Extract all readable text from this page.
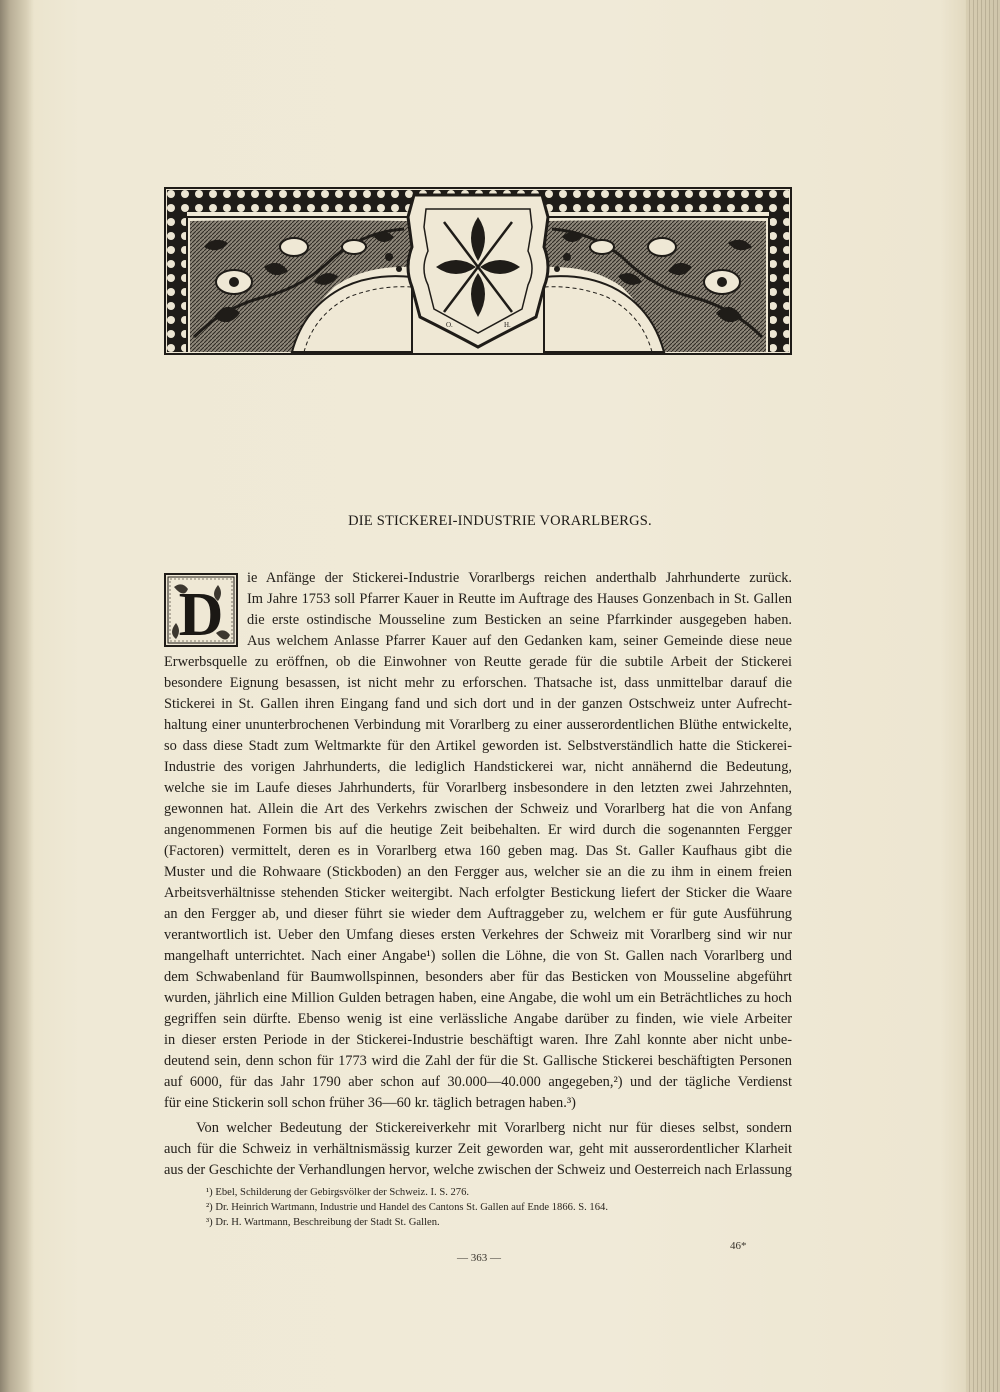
O.	H.
DIE STICKEREI-INDUSTRIE VORARLBERGS.
D
ie Anfänge der Stickerei-Industrie Vorarlbergs reichen anderthalb Jahrhunderte zurück.
Im Jahre 1753 soll Pfarrer Kauer in Reutte im Auftrage des Hauses Gonzenbach in St. Gallen
die erste ostindische Mousseline zum Besticken an seine Pfarrkinder ausgegeben haben.
Aus welchem Anlasse Pfarrer Kauer auf den Gedanken kam, seiner Gemeinde diese neue
Erwerbsquelle zu eröffnen, ob die Einwohner von Reutte gerade für die subtile Arbeit der Stickerei
besondere Eignung besassen, ist nicht mehr zu erforschen. Thatsache ist, dass unmittelbar darauf die
Stickerei in St. Gallen ihren Eingang fand und sich dort und in der ganzen Ostschweiz unter Aufrecht-
haltung einer ununterbrochenen Verbindung mit Vorarlberg zu einer ausserordentlichen Blüthe entwickelte,
so dass diese Stadt zum Weltmarkte für den Artikel geworden ist. Selbstverständlich hatte die Stickerei-
Industrie des vorigen Jahrhunderts, die lediglich Handstickerei war, nicht annähernd die Bedeutung,
welche sie im Laufe dieses Jahrhunderts, für Vorarlberg insbesondere in den letzten zwei Jahrzehnten,
gewonnen hat. Allein die Art des Verkehrs zwischen der Schweiz und Vorarlberg hat die von Anfang
angenommenen Formen bis auf die heutige Zeit beibehalten. Er wird durch die sogenannten Fergger
(Factoren) vermittelt, deren es in Vorarlberg etwa 160 geben mag. Das St. Galler Kaufhaus gibt die
Muster und die Rohwaare (Stickboden) an den Fergger aus, welcher sie an die zu ihm in einem freien
Arbeitsverhältnisse stehenden Sticker weitergibt. Nach erfolgter Bestickung liefert der Sticker die Waare
an den Fergger ab, und dieser führt sie wieder dem Auftraggeber zu, welchem er für gute Ausführung
verantwortlich ist. Ueber den Umfang dieses ersten Verkehres der Schweiz mit Vorarlberg sind wir nur
mangelhaft unterrichtet. Nach einer Angabe¹) sollen die Löhne, die von St. Gallen nach Vorarlberg und
dem Schwabenland für Baumwollspinnen, besonders aber für das Besticken von Mousseline abgeführt
wurden, jährlich eine Million Gulden betragen haben, eine Angabe, die wohl um ein Beträchtliches zu hoch
gegriffen sein dürfte. Ebenso wenig ist eine verlässliche Angabe darüber zu finden, wie viele Arbeiter
in dieser ersten Periode in der Stickerei-Industrie beschäftigt waren. Ihre Zahl konnte aber nicht unbe-
deutend sein, denn schon für 1773 wird die Zahl der für die St. Gallische Stickerei beschäftigten Personen
auf 6000, für das Jahr 1790 aber schon auf 30.000—40.000 angegeben,²) und der tägliche Verdienst
für eine Stickerin soll schon früher 36—60 kr. täglich betragen haben.³)
Von welcher Bedeutung der Stickereiverkehr mit Vorarlberg nicht nur für dieses selbst, sondern
auch für die Schweiz in verhältnismässig kurzer Zeit geworden war, geht mit ausserordentlicher Klarheit
aus der Geschichte der Verhandlungen hervor, welche zwischen der Schweiz und Oesterreich nach Erlassung
¹) Ebel, Schilderung der Gebirgsvölker der Schweiz. I. S. 276.
²) Dr. Heinrich Wartmann, Industrie und Handel des Cantons St. Gallen auf Ende 1866. S. 164.
³) Dr. H. Wartmann, Beschreibung der Stadt St. Gallen.
46*
— 363 —
